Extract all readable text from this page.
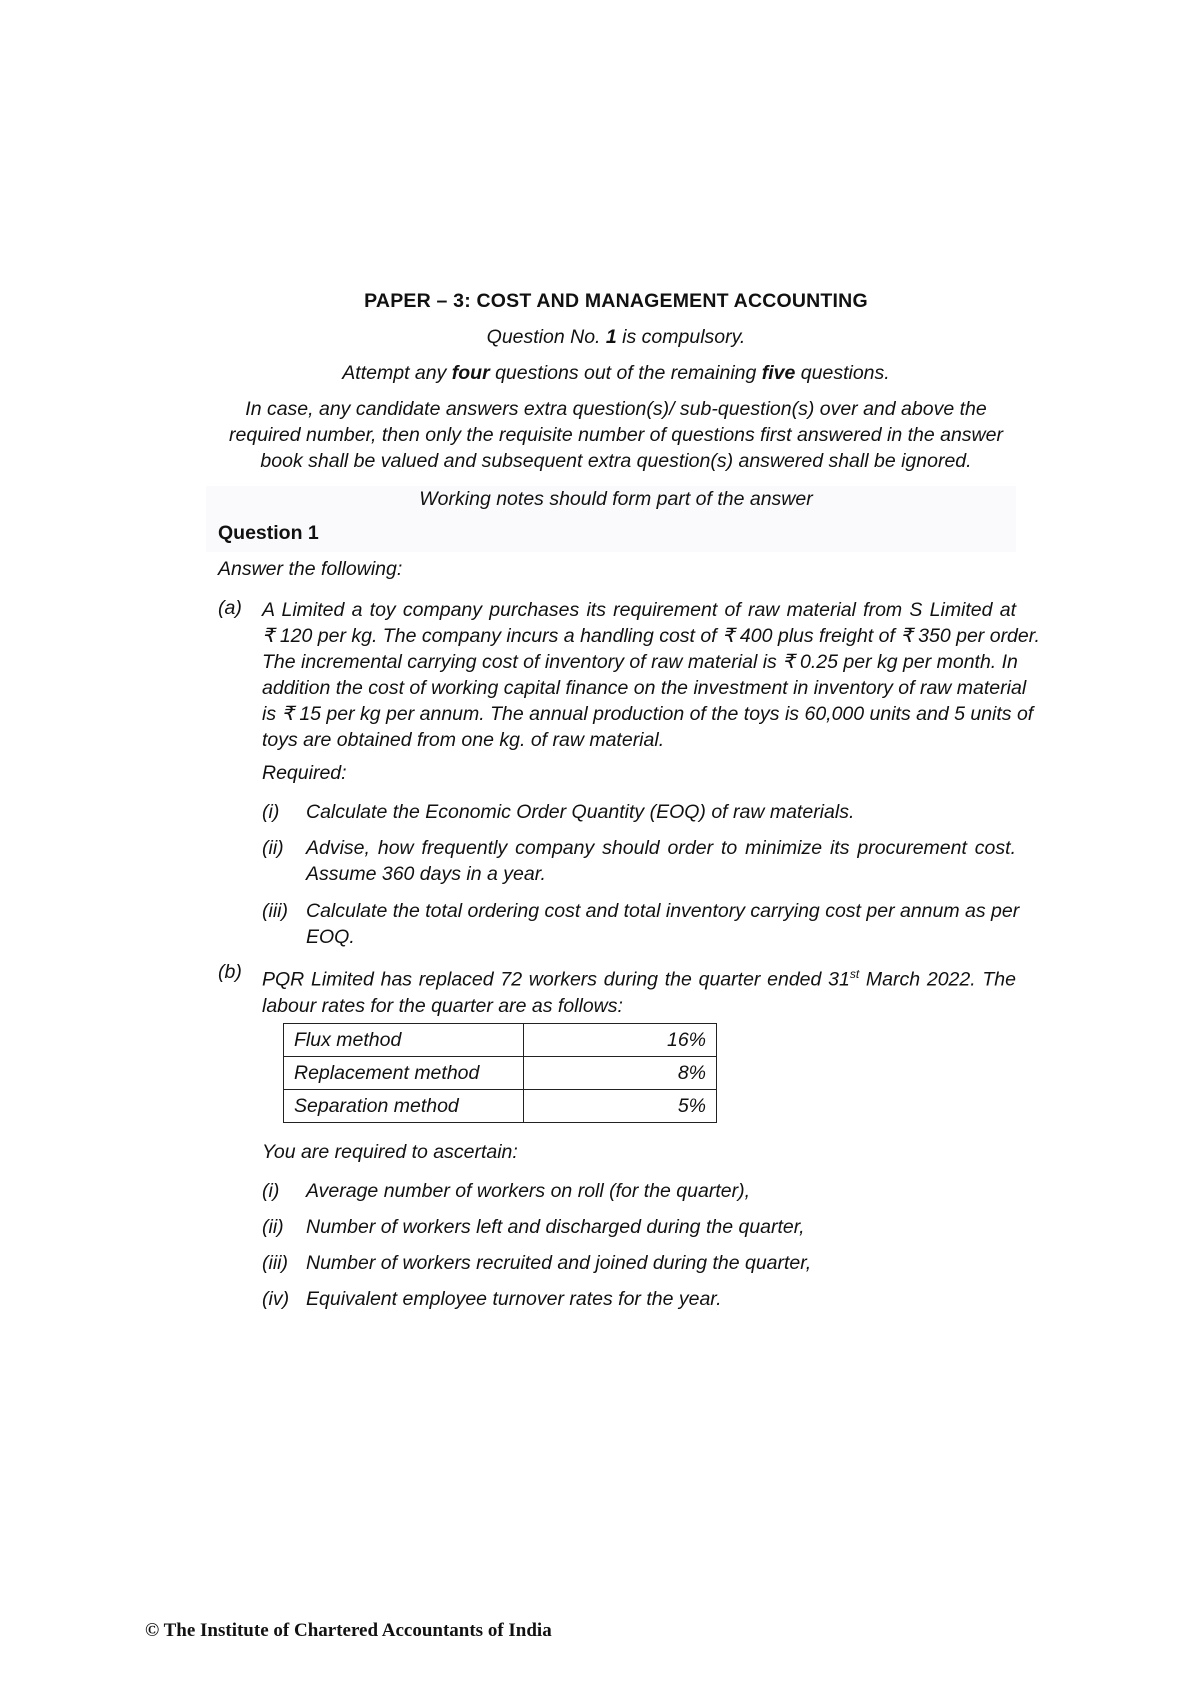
PAPER – 3: COST AND MANAGEMENT ACCOUNTING
Question No. 1 is compulsory.
Attempt any four questions out of the remaining five questions.
In case, any candidate answers extra question(s)/ sub-question(s) over and above the
required number, then only the requisite number of questions first answered in the answer
book shall be valued and subsequent extra question(s) answered shall be ignored.
Working notes should form part of the answer
Question 1
Answer the following:
(a) A Limited a toy company purchases its requirement of raw material from S Limited at
₹ 120 per kg. The company incurs a handling cost of ₹ 400 plus freight of ₹ 350 per order.
The incremental carrying cost of inventory of raw material is ₹ 0.25 per kg per month. In
addition the cost of working capital finance on the investment in inventory of raw material
is ₹ 15 per kg per annum. The annual production of the toys is 60,000 units and 5 units of
toys are obtained from one kg. of raw material.
Required:
(i) Calculate the Economic Order Quantity (EOQ) of raw materials.
(ii) Advise, how frequently company should order to minimize its procurement cost.
Assume 360 days in a year.
(iii) Calculate the total ordering cost and total inventory carrying cost per annum as per
EOQ.
(b) PQR Limited has replaced 72 workers during the quarter ended 31st March 2022. The
labour rates for the quarter are as follows:
Flux method	16%
Replacement method	8%
Separation method	5%
You are required to ascertain:
(i) Average number of workers on roll (for the quarter),
(ii) Number of workers left and discharged during the quarter,
(iii) Number of workers recruited and joined during the quarter,
(iv) Equivalent employee turnover rates for the year.
© The Institute of Chartered Accountants of India
